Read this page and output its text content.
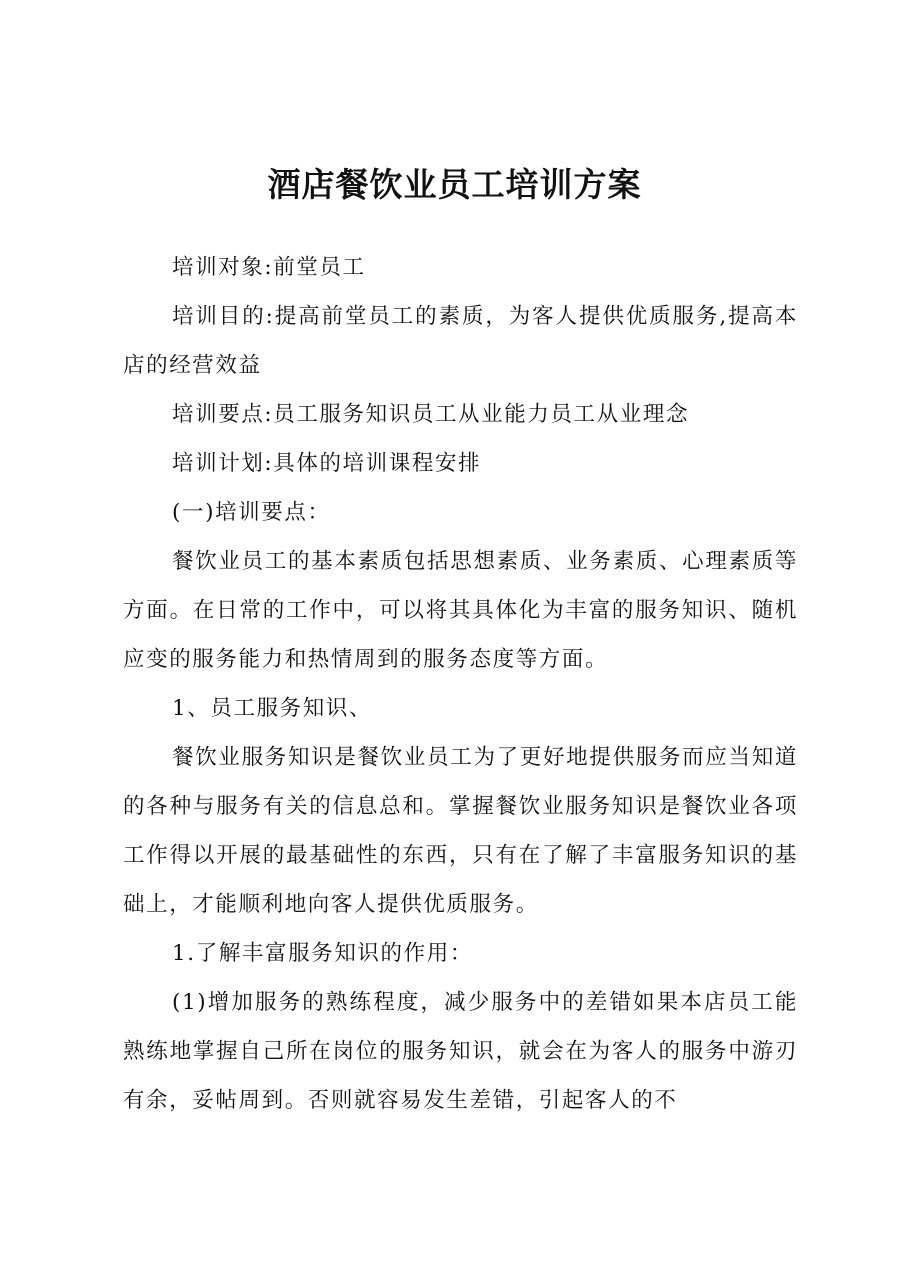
酒店餐饮业员工培训方案

培训对象:前堂员工

培训目的:提高前堂员工的素质，为客人提供优质服务,提高本店的经营效益

培训要点:员工服务知识员工从业能力员工从业理念

培训计划:具体的培训课程安排

(一)培训要点：

餐饮业员工的基本素质包括思想素质、业务素质、心理素质等方面。在日常的工作中，可以将其具体化为丰富的服务知识、随机应变的服务能力和热情周到的服务态度等方面。

1、员工服务知识、

餐饮业服务知识是餐饮业员工为了更好地提供服务而应当知道的各种与服务有关的信息总和。掌握餐饮业服务知识是餐饮业各项工作得以开展的最基础性的东西，只有在了解了丰富服务知识的基础上，才能顺利地向客人提供优质服务。

1.了解丰富服务知识的作用：

(1)增加服务的熟练程度，减少服务中的差错如果本店员工能熟练地掌握自己所在岗位的服务知识，就会在为客人的服务中游刃有余，妥帖周到。否则就容易发生差错，引起客人的不
